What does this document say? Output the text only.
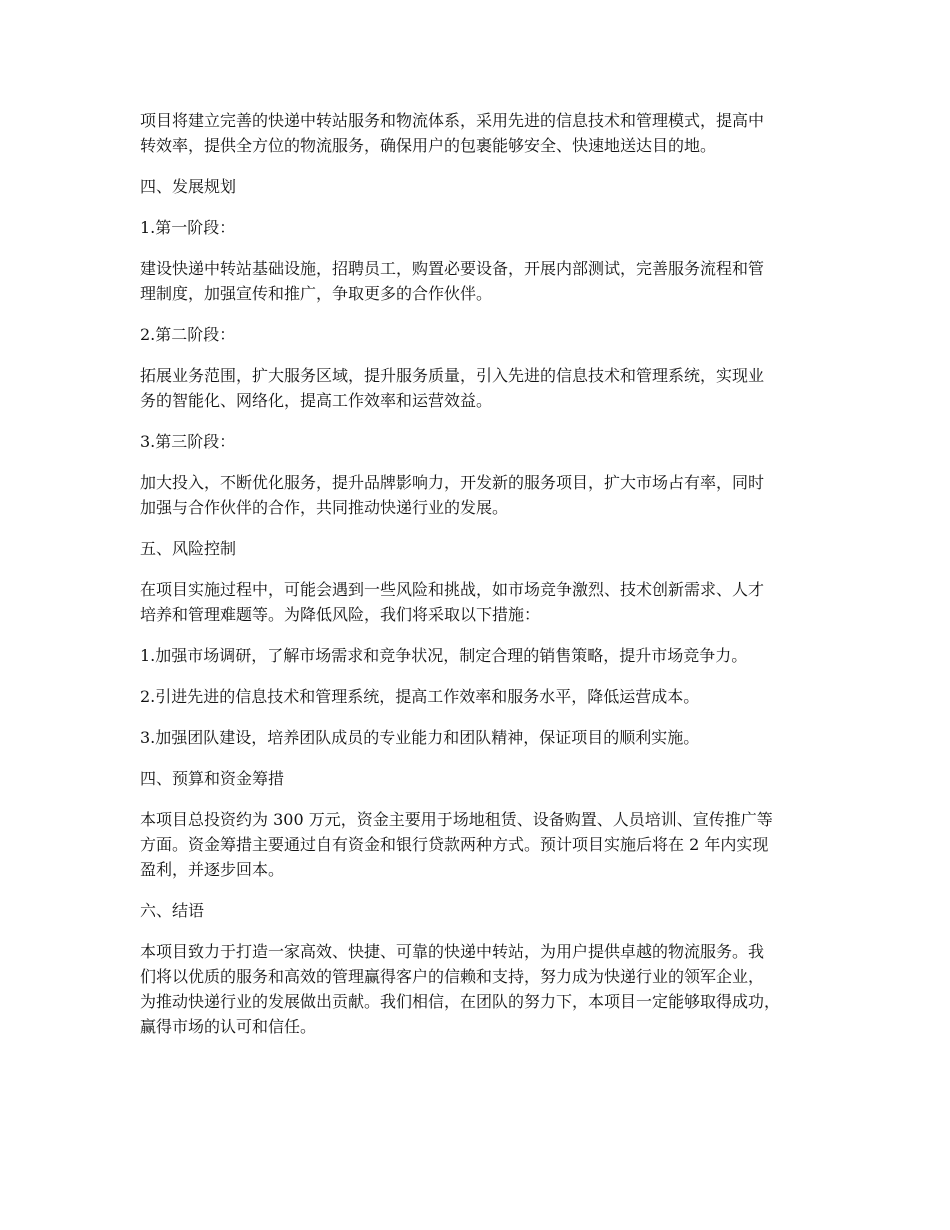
项目将建立完善的快递中转站服务和物流体系，采用先进的信息技术和管理模式，提高中
转效率，提供全方位的物流服务，确保用户的包裹能够安全、快速地送达目的地。

四、发展规划

1.第一阶段：

建设快递中转站基础设施，招聘员工，购置必要设备，开展内部测试，完善服务流程和管
理制度，加强宣传和推广，争取更多的合作伙伴。

2.第二阶段：

拓展业务范围，扩大服务区域，提升服务质量，引入先进的信息技术和管理系统，实现业
务的智能化、网络化，提高工作效率和运营效益。

3.第三阶段：

加大投入，不断优化服务，提升品牌影响力，开发新的服务项目，扩大市场占有率，同时
加强与合作伙伴的合作，共同推动快递行业的发展。

五、风险控制

在项目实施过程中，可能会遇到一些风险和挑战，如市场竞争激烈、技术创新需求、人才
培养和管理难题等。为降低风险，我们将采取以下措施：

1.加强市场调研，了解市场需求和竞争状况，制定合理的销售策略，提升市场竞争力。

2.引进先进的信息技术和管理系统，提高工作效率和服务水平，降低运营成本。

3.加强团队建设，培养团队成员的专业能力和团队精神，保证项目的顺利实施。

四、预算和资金筹措

本项目总投资约为 300 万元，资金主要用于场地租赁、设备购置、人员培训、宣传推广等
方面。资金筹措主要通过自有资金和银行贷款两种方式。预计项目实施后将在 2 年内实现
盈利，并逐步回本。

六、结语

本项目致力于打造一家高效、快捷、可靠的快递中转站，为用户提供卓越的物流服务。我
们将以优质的服务和高效的管理赢得客户的信赖和支持，努力成为快递行业的领军企业，
为推动快递行业的发展做出贡献。我们相信，在团队的努力下，本项目一定能够取得成功，
赢得市场的认可和信任。
